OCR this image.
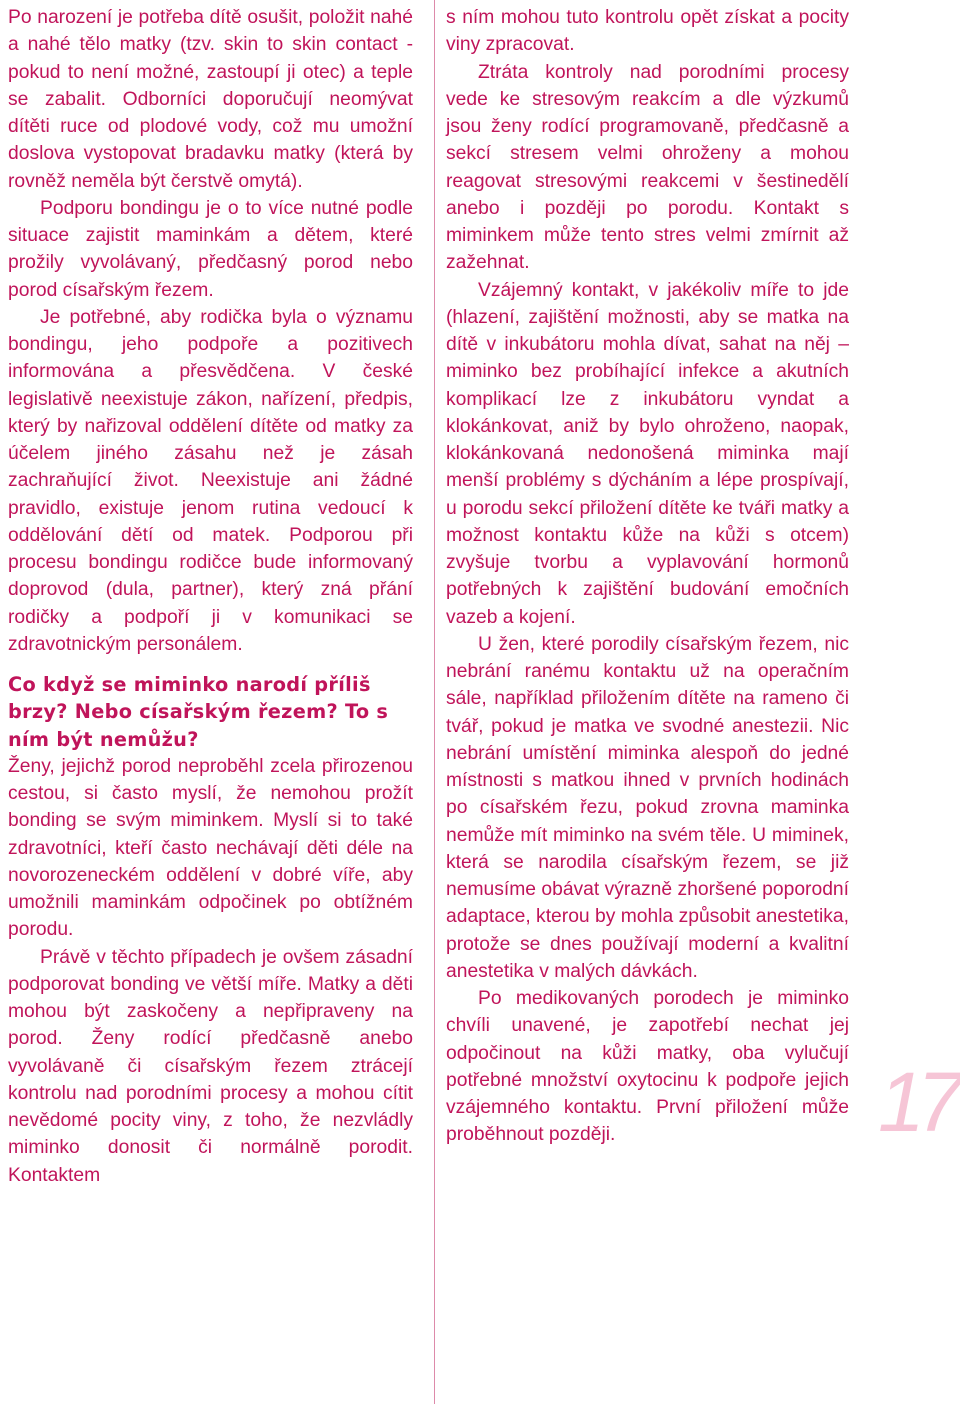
Po narození je potřeba dítě osušit, položit nahé a nahé tělo matky (tzv. skin to skin contact - pokud to není možné, zastoupí ji otec) a teple se zabalit. Odborníci doporučují neomývat dítěti ruce od plodové vody, což mu umožní doslova vystopovat bradavku matky (která by rovněž neměla být čerstvě omytá).

Podporu bondingu je o to více nutné podle situace zajistit maminkám a dětem, které prožily vyvolávaný, předčasný porod nebo porod císařským řezem.

Je potřebné, aby rodička byla o významu bondingu, jeho podpoře a pozitivech informována a přesvědčena. V české legislativě neexistuje zákon, nařízení, předpis, který by nařizoval oddělení dítěte od matky za účelem jiného zásahu než je zásah zachraňující život. Neexistuje ani žádné pravidlo, existuje jenom rutina vedoucí k oddělování dětí od matek. Podporou při procesu bondingu rodičce bude informovaný doprovod (dula, partner), který zná přání rodičky a podpoří ji v komunikaci se zdravotnickým personálem.

Co když se miminko narodí příliš brzy? Nebo císařským řezem? To s ním být nemůžu?

Ženy, jejichž porod neproběhl zcela přirozenou cestou, si často myslí, že nemohou prožít bonding se svým miminkem. Myslí si to také zdravotníci, kteří často nechávají děti déle na novorozeneckém oddělení v dobré víře, aby umožnili maminkám odpočinek po obtížném porodu.

Právě v těchto případech je ovšem zásadní podporovat bonding ve větší míře. Matky a děti mohou být zaskočeny a nepřipraveny na porod. Ženy rodící předčasně anebo vyvolávaně či císařským řezem ztrácejí kontrolu nad porodními procesy a mohou cítit nevědomé pocity viny, z toho, že nezvládly miminko donosit či normálně porodit. Kontaktem

s ním mohou tuto kontrolu opět získat a pocity viny zpracovat.

Ztráta kontroly nad porodními procesy vede ke stresovým reakcím a dle výzkumů jsou ženy rodící programovaně, předčasně a sekcí stresem velmi ohroženy a mohou reagovat stresovými reakcemi v šestinedělí anebo i později po porodu. Kontakt s miminkem může tento stres velmi zmírnit až zažehnat.

Vzájemný kontakt, v jakékoliv míře to jde (hlazení, zajištění možnosti, aby se matka na dítě v inkubátoru mohla dívat, sahat na něj – miminko bez probíhající infekce a akutních komplikací lze z inkubátoru vyndat a klokánkovat, aniž by bylo ohroženo, naopak, klokánkovaná nedonošená miminka mají menší problémy s dýcháním a lépe prospívají, u porodu sekcí přiložení dítěte ke tváři matky a možnost kontaktu kůže na kůži s otcem) zvyšuje tvorbu a vyplavování hormonů potřebných k zajištění budování emočních vazeb a kojení.

U žen, které porodily císařským řezem, nic nebrání ranému kontaktu už na operačním sále, například přiložením dítěte na rameno či tvář, pokud je matka ve svodné anestezii. Nic nebrání umístění miminka alespoň do jedné místnosti s matkou ihned v prvních hodinách po císařském řezu, pokud zrovna maminka nemůže mít miminko na svém těle. U miminek, která se narodila císařským řezem, se již nemusíme obávat výrazně zhoršené poporodní adaptace, kterou by mohla způsobit anestetika, protože se dnes používají moderní a kvalitní anestetika v malých dávkách.

Po medikovaných porodech je miminko chvíli unavené, je zapotřebí nechat jej odpočinout na kůži matky, oba vylučují potřebné množství oxytocinu k podpoře jejich vzájemného kontaktu. První přiložení může proběhnout později.	17
